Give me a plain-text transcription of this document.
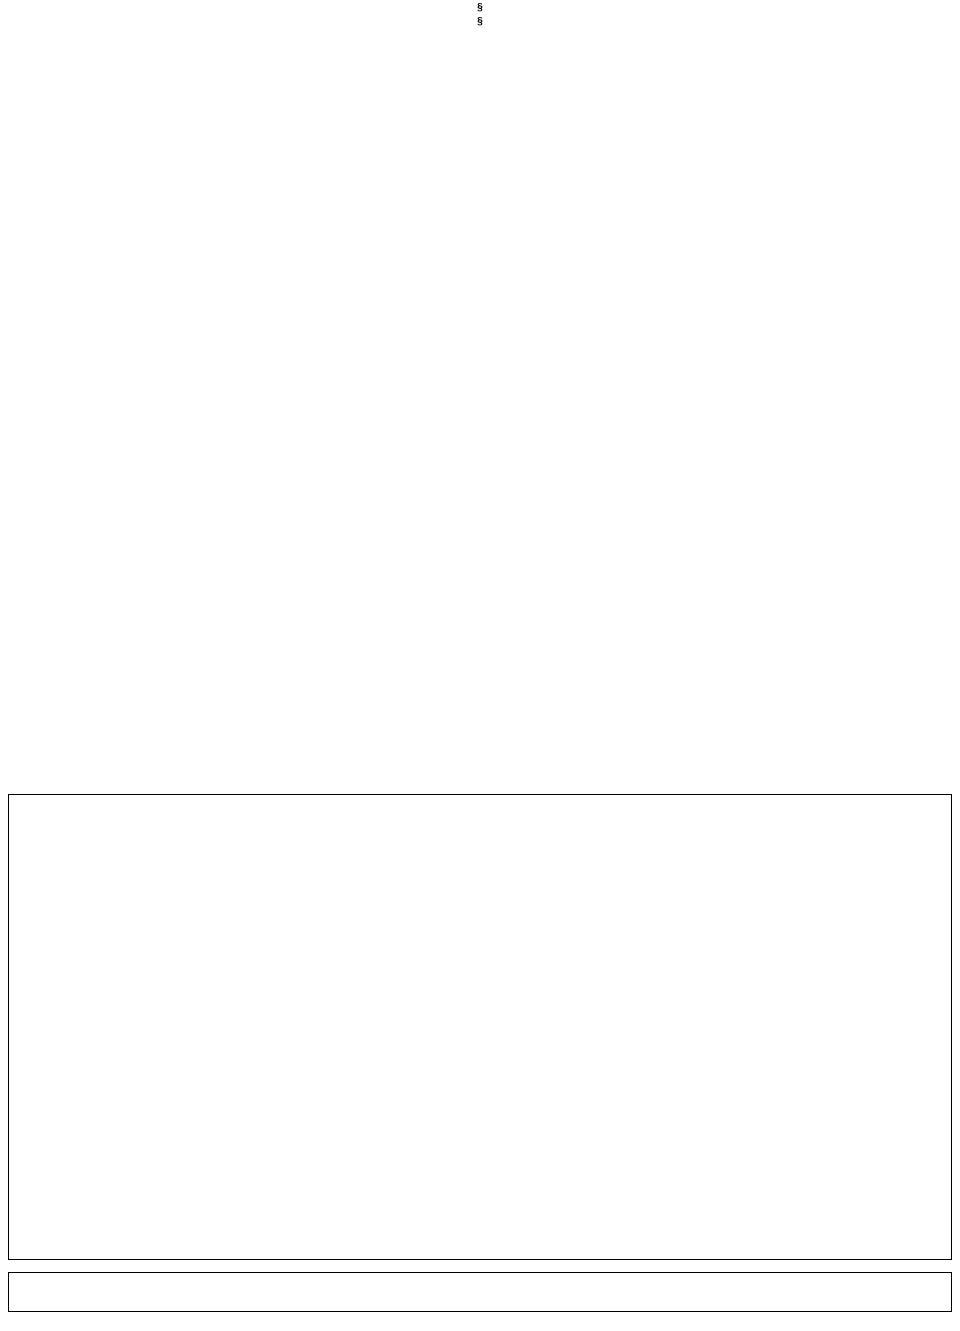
§
§
